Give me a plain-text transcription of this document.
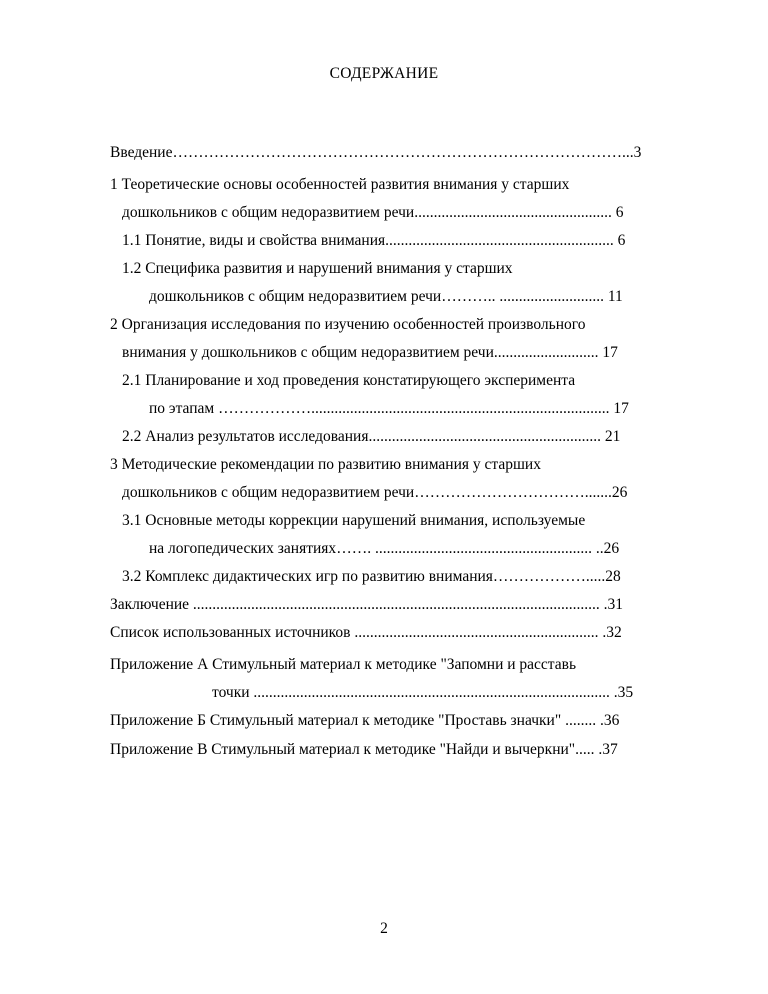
СОДЕРЖАНИЕ
Введение……………………………………………………………………………...3
1 Теоретические основы особенностей развития внимания у старших
дошкольников с общим недоразвитием речи................................................... 6
1.1 Понятие, виды и свойства внимания........................................................... 6
1.2 Специфика развития и нарушений внимания у старших
дошкольников с общим недоразвитием речи……….. ........................... 11
2 Организация исследования по изучению особенностей произвольного
внимания у дошкольников с общим недоразвитием речи........................... 17
2.1 Планирование и ход проведения констатирующего эксперимента
по этапам ………………............................................................................. 17
2.2 Анализ результатов исследования............................................................ 21
3 Методические рекомендации по развитию внимания у старших
дошкольников с общим недоразвитием речи…………………………….......26
3.1 Основные методы коррекции нарушений внимания, используемые
на логопедических занятиях……. ........................................................ ..26
3.2 Комплекс дидактических игр по развитию внимания……………….....28
Заключение ......................................................................................................... .31
Список использованных источников ............................................................... .32
Приложение А Стимульный материал к методике "Запомни и расставь
точки ............................................................................................ .35
Приложение Б Стимульный материал к методике "Проставь значки" ........ .36
Приложение В Стимульный материал к методике "Найди и вычеркни"..... .37
2
